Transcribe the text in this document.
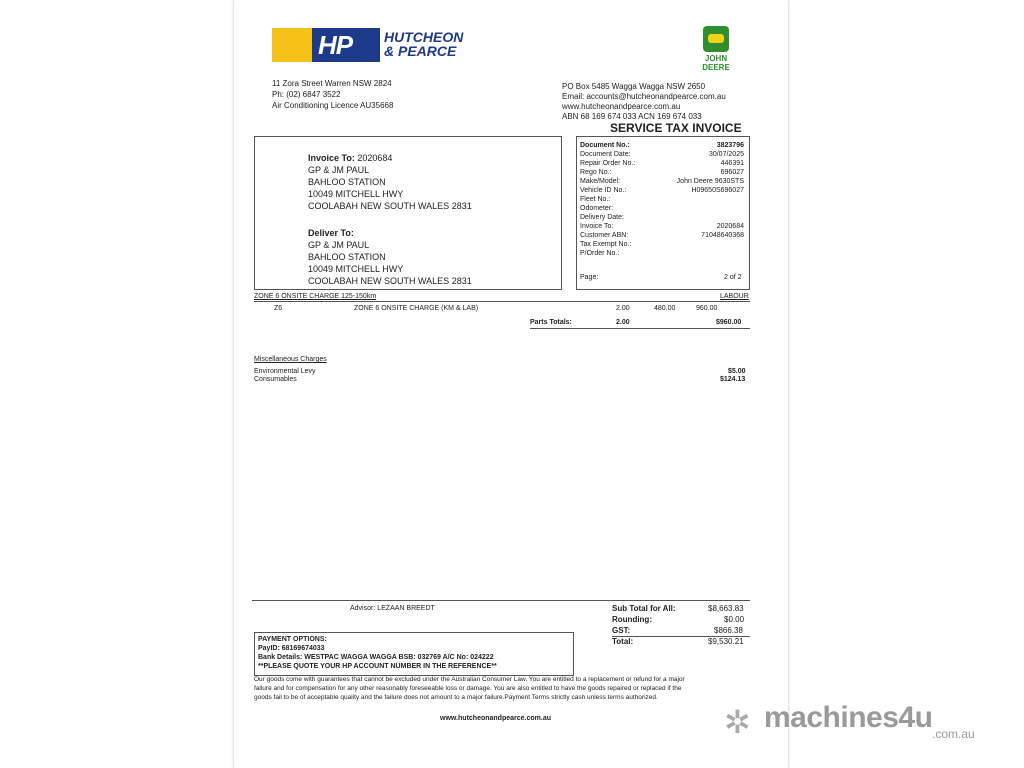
HP HUTCHEON
& PEARCE	JOHN DEERE
11 Zora Street Warren NSW 2824
Ph: (02) 6847 3522
Air Conditioning Licence AU35668
PO Box 5485 Wagga Wagga NSW 2650
Email: accounts@hutcheonandpearce.com.au
www.hutcheonandpearce.com.au
ABN 68 169 674 033 ACN 169 674 033
SERVICE TAX INVOICE
Invoice To: 2020684
GP & JM PAUL
BAHLOO STATION
10049 MITCHELL HWY
COOLABAH NEW SOUTH WALES 2831
Deliver To:
GP & JM PAUL
BAHLOO STATION
10049 MITCHELL HWY
COOLABAH NEW SOUTH WALES 2831
Document No.:	3823796
Document Date:	30/07/2025
Repair Order No.:	446391
Rego No.:	696027
Make/Model:	John Deere 9630STS
Vehicle ID No.:	H09650S696027
Fleet No.:
Odometer:
Delivery Date:
Invoice To:	2020684
Customer ABN:	71048640368
Tax Exempt No.:
P/Order No.:
Page:	2 of 2
ZONE 6 ONSITE CHARGE 125-150km	LABOUR
Z6	ZONE 6 ONSITE CHARGE (KM & LAB)	2.00	480.00	960.00
Parts Totals:	2.00	$960.00
Miscellaneous Charges
Environmental Levy	$5.00
Consumables	$124.13
Advisor: LEZAAN BREEDT	Sub Total for All:	$8,663.83
Rounding:	$0.00
GST:	$866.38
Total:	$9,530.21
PAYMENT OPTIONS:
PayID: 68169674033
Bank Details: WESTPAC WAGGA WAGGA BSB: 032769 A/C No: 024222
**PLEASE QUOTE YOUR HP ACCOUNT NUMBER IN THE REFERENCE**
Our goods come with guarantees that cannot be excluded under the Australian Consumer Law. You are entitled to a replacement or refund for a major
failure and for compensation for any other reasonably foreseeable loss or damage. You are also entitled to have the goods repaired or replaced if the
goods fail to be of acceptable quality and the failure does not amount to a major failure.Payment Terms strictly cash unless terms authorized.
www.hutcheonandpearce.com.au	✲ machines4u .com.au
